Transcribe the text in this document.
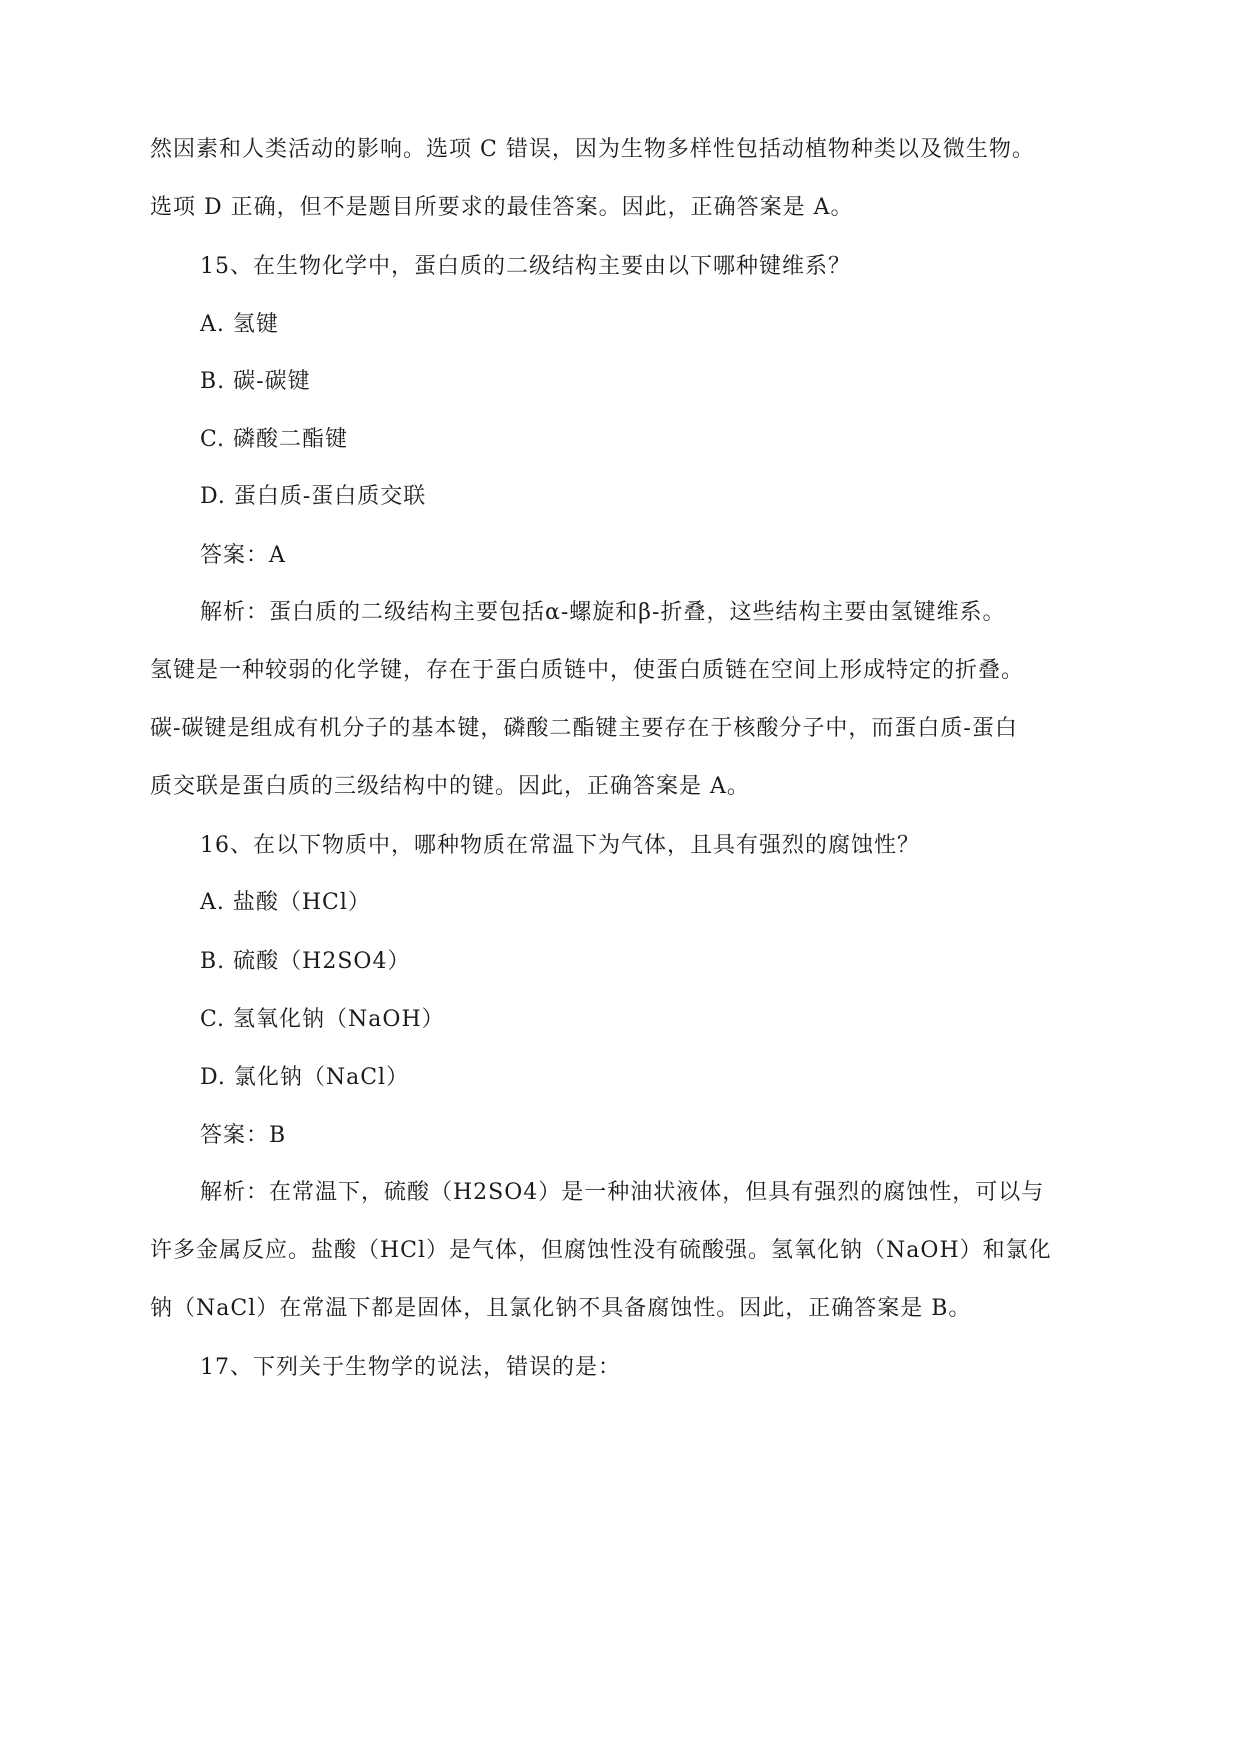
然因素和人类活动的影响。选项 C 错误，因为生物多样性包括动植物种类以及微生物。
选项 D 正确，但不是题目所要求的最佳答案。因此，正确答案是 A。
15、在生物化学中，蛋白质的二级结构主要由以下哪种键维系？
A. 氢键
B. 碳-碳键
C. 磷酸二酯键
D. 蛋白质-蛋白质交联
答案：A
解析：蛋白质的二级结构主要包括α-螺旋和β-折叠，这些结构主要由氢键维系。
氢键是一种较弱的化学键，存在于蛋白质链中，使蛋白质链在空间上形成特定的折叠。
碳-碳键是组成有机分子的基本键，磷酸二酯键主要存在于核酸分子中，而蛋白质-蛋白
质交联是蛋白质的三级结构中的键。因此，正确答案是 A。
16、在以下物质中，哪种物质在常温下为气体，且具有强烈的腐蚀性？
A. 盐酸（HCl）
B. 硫酸（H2SO4）
C. 氢氧化钠（NaOH）
D. 氯化钠（NaCl）
答案：B
解析：在常温下，硫酸（H2SO4）是一种油状液体，但具有强烈的腐蚀性，可以与
许多金属反应。盐酸（HCl）是气体，但腐蚀性没有硫酸强。氢氧化钠（NaOH）和氯化
钠（NaCl）在常温下都是固体，且氯化钠不具备腐蚀性。因此，正确答案是 B。
17、下列关于生物学的说法，错误的是：
